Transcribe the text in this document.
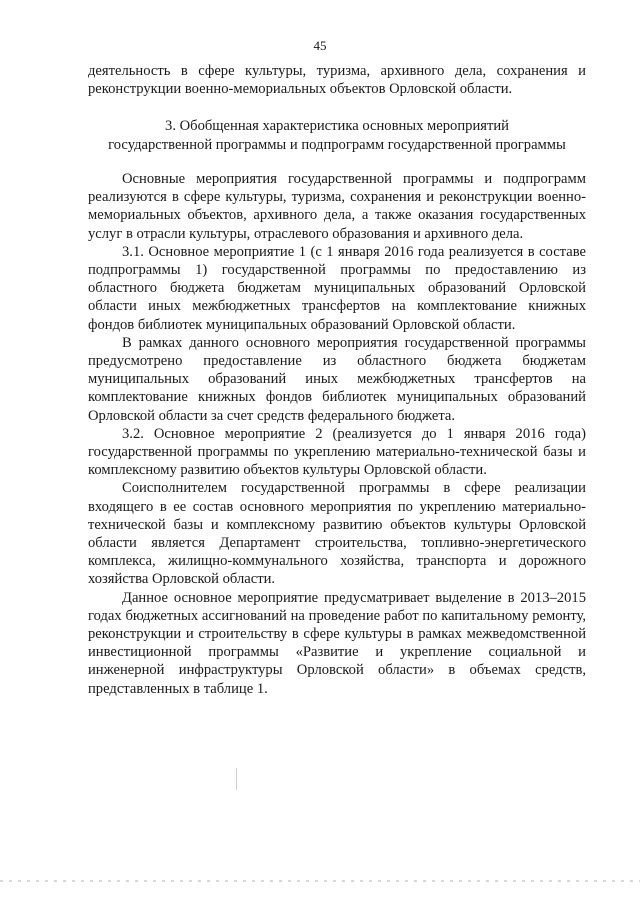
45

деятельность в сфере культуры, туризма, архивного дела, сохранения и реконструкции военно-мемориальных объектов Орловской области.

3. Обобщенная характеристика основных мероприятий
государственной программы и подпрограмм государственной программы

Основные мероприятия государственной программы и подпрограмм реализуются в сфере культуры, туризма, сохранения и реконструкции военно-мемориальных объектов, архивного дела, а также оказания государственных услуг в отрасли культуры, отраслевого образования и архивного дела.

3.1. Основное мероприятие 1 (с 1 января 2016 года реализуется в составе подпрограммы 1) государственной программы по предоставлению из областного бюджета бюджетам муниципальных образований Орловской области иных межбюджетных трансфертов на комплектование книжных фондов библиотек муниципальных образований Орловской области.

В рамках данного основного мероприятия государственной программы предусмотрено предоставление из областного бюджета бюджетам муниципальных образований иных межбюджетных трансфертов на комплектование книжных фондов библиотек муниципальных образований Орловской области за счет средств федерального бюджета.

3.2. Основное мероприятие 2 (реализуется до 1 января 2016 года) государственной программы по укреплению материально-технической базы и комплексному развитию объектов культуры Орловской области.

Соисполнителем государственной программы в сфере реализации входящего в ее состав основного мероприятия по укреплению материально-технической базы и комплексному развитию объектов культуры Орловской области является Департамент строительства, топливно-энергетического комплекса, жилищно-коммунального хозяйства, транспорта и дорожного хозяйства Орловской области.

Данное основное мероприятие предусматривает выделение в 2013–2015 годах бюджетных ассигнований на проведение работ по капитальному ремонту, реконструкции и строительству в сфере культуры в рамках межведомственной инвестиционной программы «Развитие и укрепление социальной и инженерной инфраструктуры Орловской области» в объемах средств, представленных в таблице 1.
